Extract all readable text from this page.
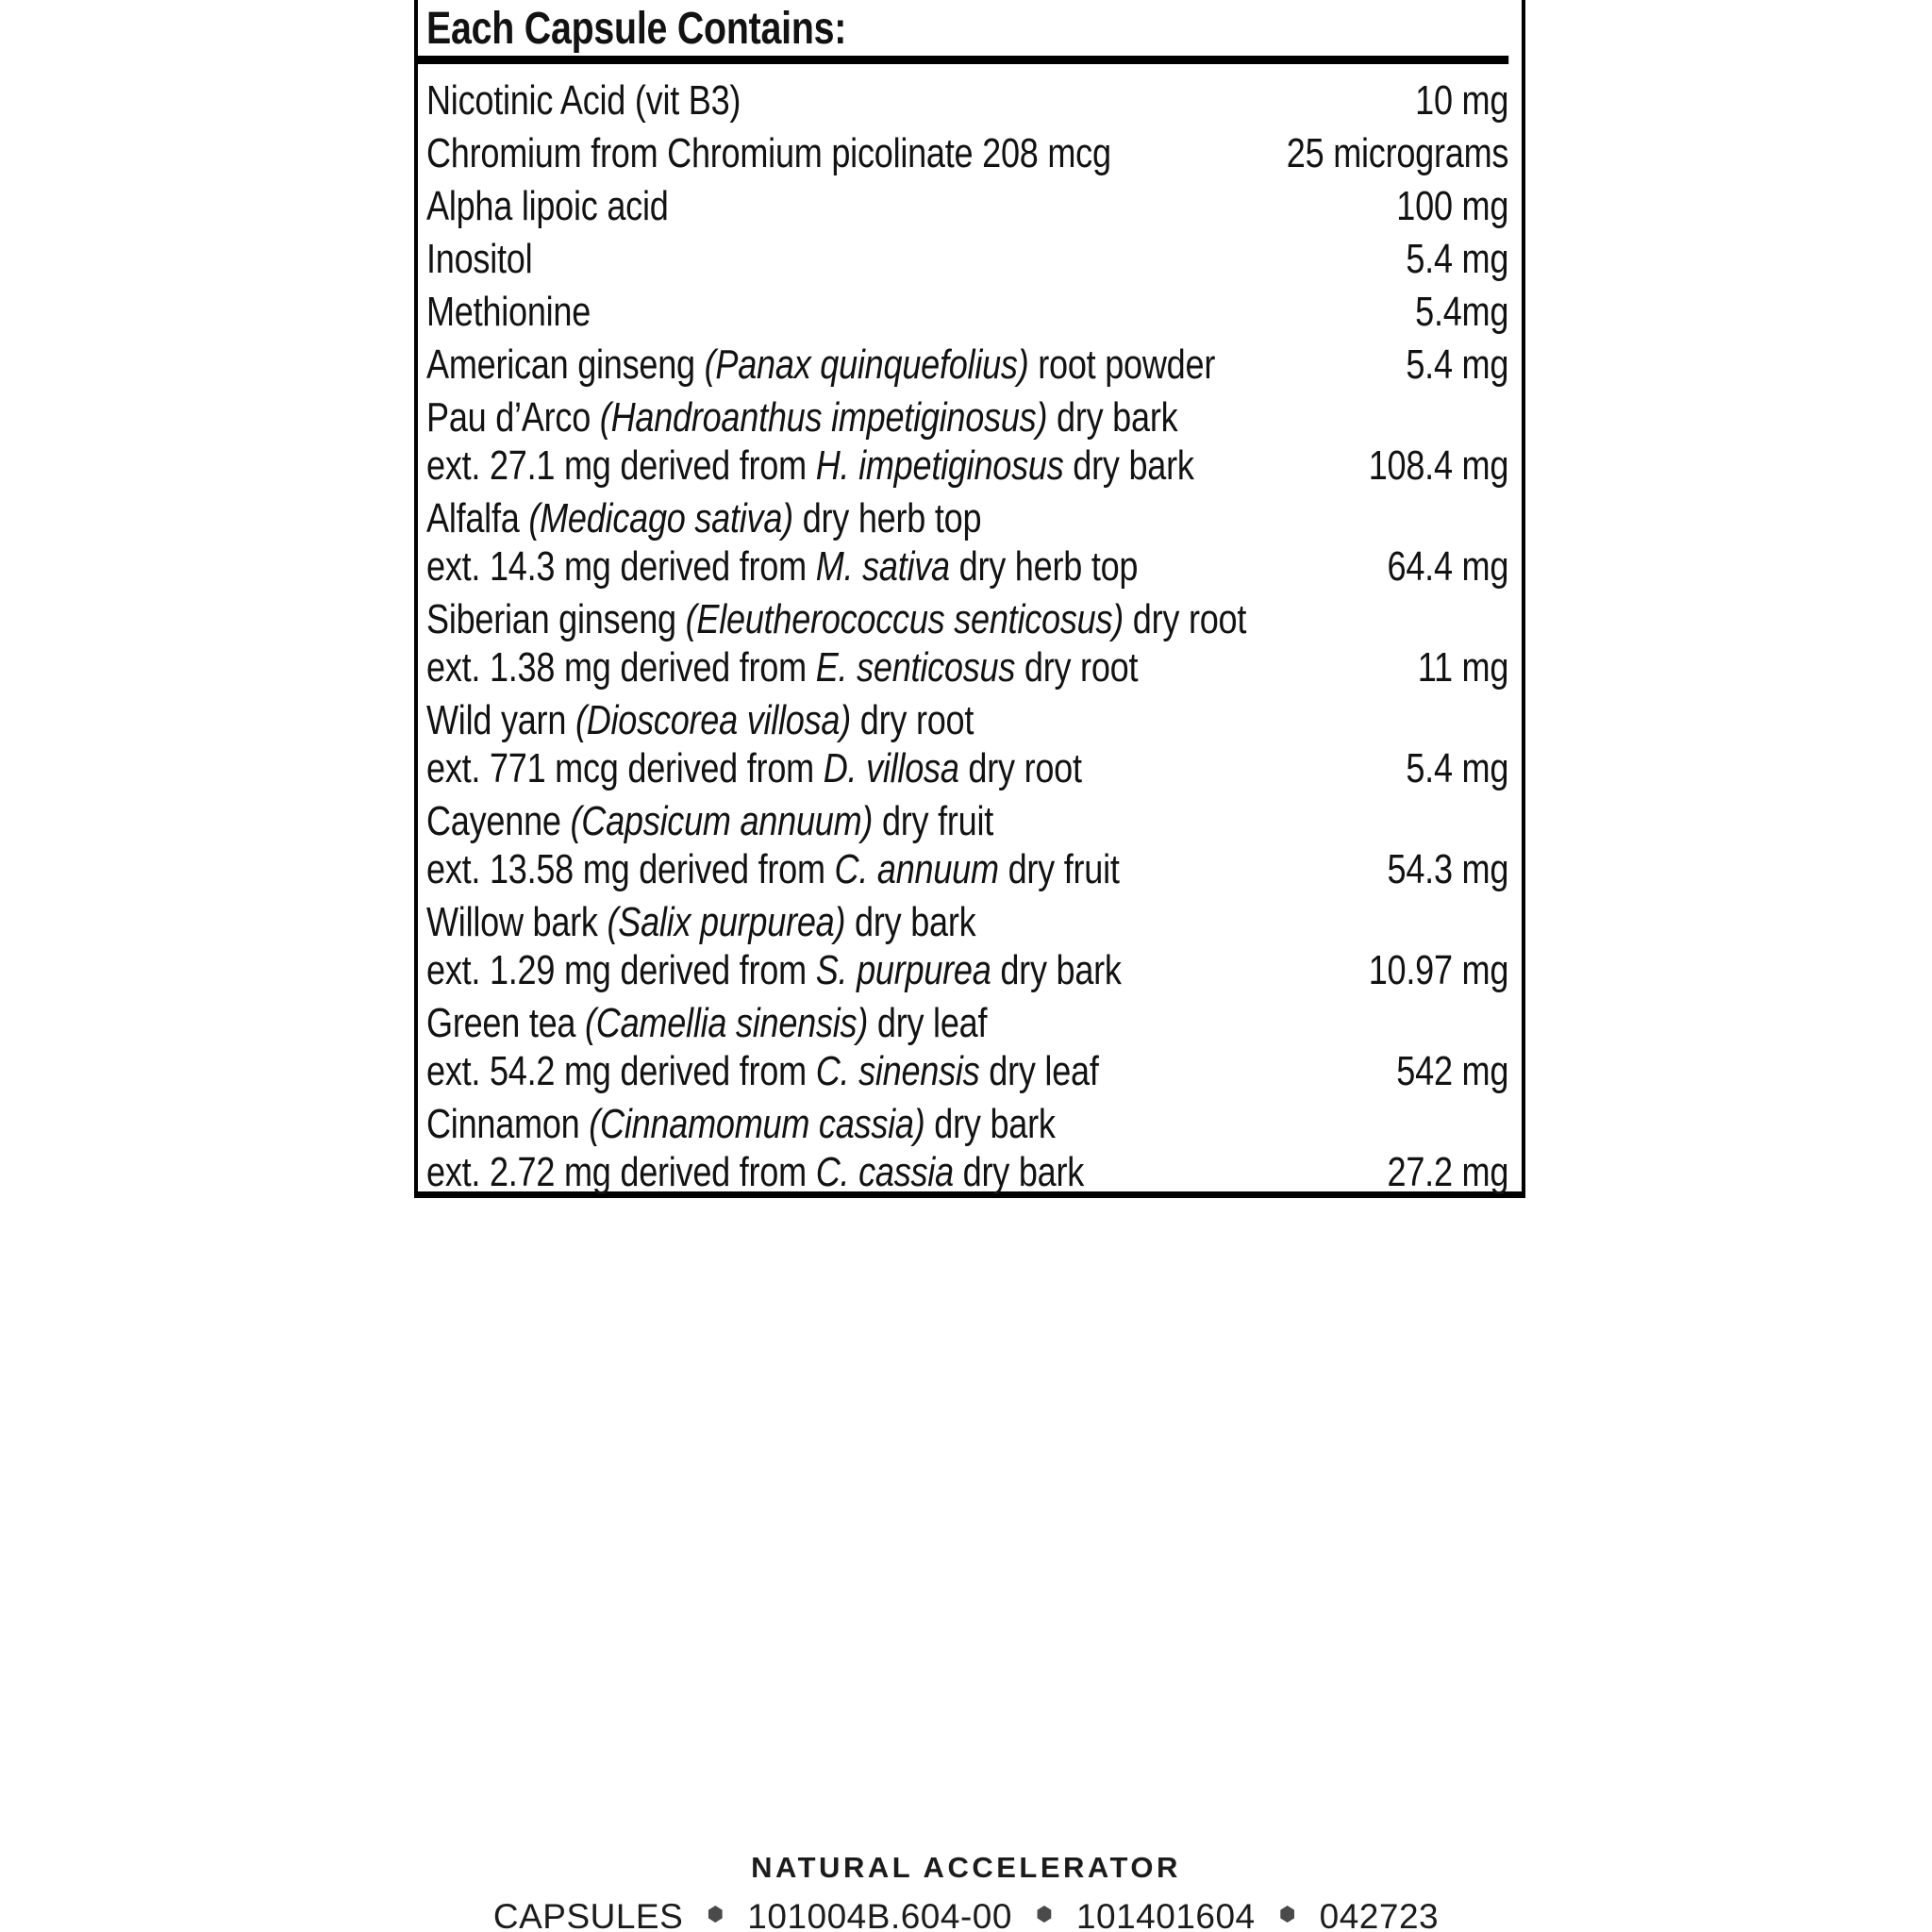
Each Capsule Contains:
Nicotinic Acid (vit B3)	10 mg
Chromium from Chromium picolinate 208 mcg	25 micrograms
Alpha lipoic acid	100 mg
Inositol	5.4 mg
Methionine	5.4mg
American ginseng (Panax quinquefolius) root powder	5.4 mg
Pau d’Arco (Handroanthus impetiginosus) dry bark
ext. 27.1 mg derived from H. impetiginosus dry bark	108.4 mg
Alfalfa (Medicago sativa) dry herb top
ext. 14.3 mg derived from M. sativa dry herb top	64.4 mg
Siberian ginseng (Eleutherococcus senticosus) dry root
ext. 1.38 mg derived from E. senticosus dry root	11 mg
Wild yarn (Dioscorea villosa) dry root
ext. 771 mcg derived from D. villosa dry root	5.4 mg
Cayenne (Capsicum annuum) dry fruit
ext. 13.58 mg derived from C. annuum dry fruit	54.3 mg
Willow bark (Salix purpurea) dry bark
ext. 1.29 mg derived from S. purpurea dry bark	10.97 mg
Green tea (Camellia sinensis) dry leaf
ext. 54.2 mg derived from C. sinensis dry leaf	542 mg
Cinnamon (Cinnamomum cassia) dry bark
ext. 2.72 mg derived from C. cassia dry bark	27.2 mg
NATURAL ACCELERATOR
CAPSULES 101004B.604-00 101401604 042723
